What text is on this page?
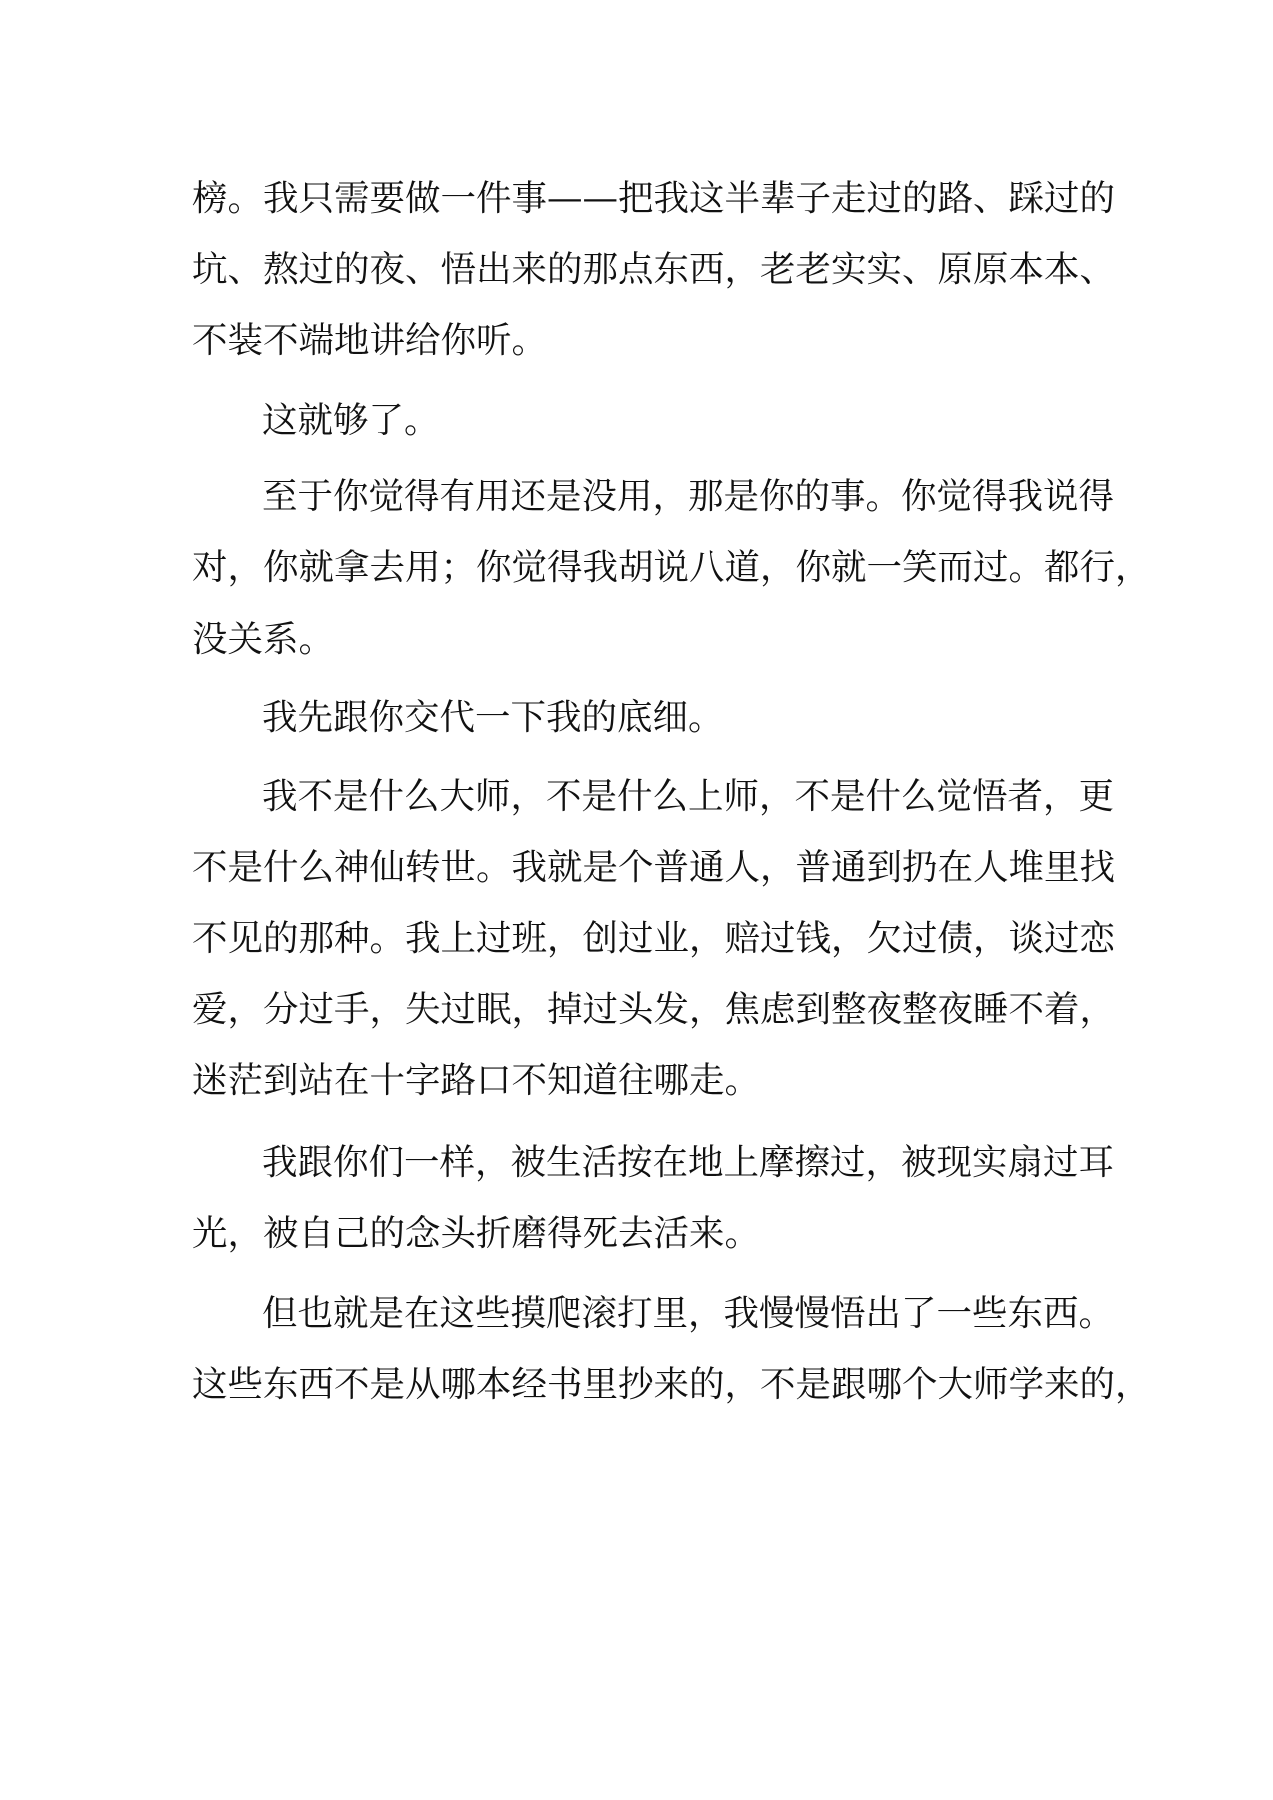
榜。我只需要做一件事——把我这半辈子走过的路、踩过的

坑、熬过的夜、悟出来的那点东西，老老实实、原原本本、

不装不端地讲给你听。

这就够了。

至于你觉得有用还是没用，那是你的事。你觉得我说得

对，你就拿去用；你觉得我胡说八道，你就一笑而过。都行，

没关系。

我先跟你交代一下我的底细。

我不是什么大师，不是什么上师，不是什么觉悟者，更

不是什么神仙转世。我就是个普通人，普通到扔在人堆里找

不见的那种。我上过班，创过业，赔过钱，欠过债，谈过恋

爱，分过手，失过眠，掉过头发，焦虑到整夜整夜睡不着，

迷茫到站在十字路口不知道往哪走。

我跟你们一样，被生活按在地上摩擦过，被现实扇过耳

光，被自己的念头折磨得死去活来。

但也就是在这些摸爬滚打里，我慢慢悟出了一些东西。

这些东西不是从哪本经书里抄来的，不是跟哪个大师学来的，
